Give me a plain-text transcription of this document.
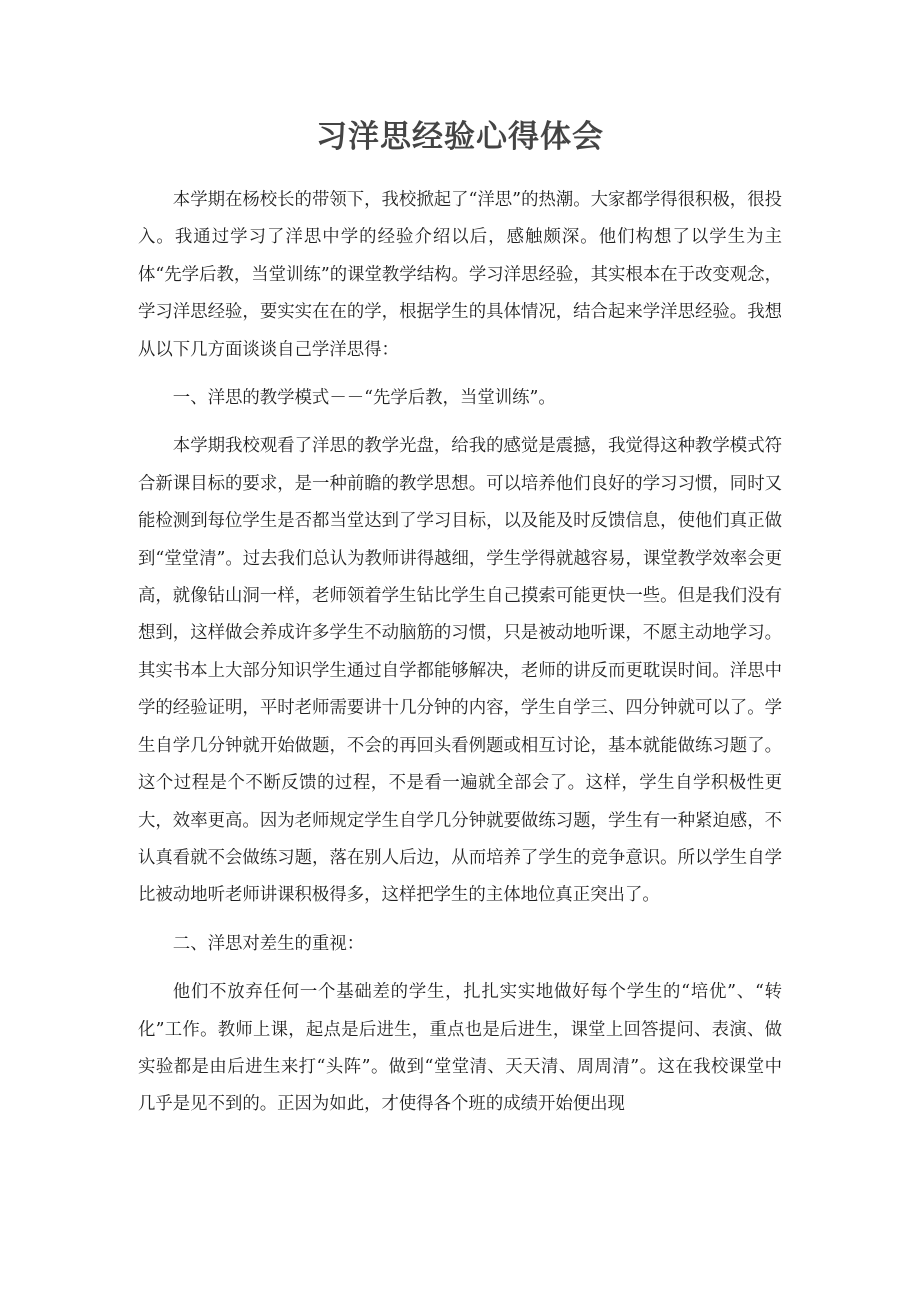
习洋思经验心得体会

本学期在杨校长的带领下，我校掀起了“洋思”的热潮。大家都学得很积极，很投入。我通过学习了洋思中学的经验介绍以后，感触颇深。他们构想了以学生为主体“先学后教，当堂训练”的课堂教学结构。学习洋思经验，其实根本在于改变观念，学习洋思经验，要实实在在的学，根据学生的具体情况，结合起来学洋思经验。我想从以下几方面谈谈自己学洋思得：

一、洋思的教学模式－－“先学后教，当堂训练”。

本学期我校观看了洋思的教学光盘，给我的感觉是震撼，我觉得这种教学模式符合新课目标的要求，是一种前瞻的教学思想。可以培养他们良好的学习习惯，同时又能检测到每位学生是否都当堂达到了学习目标，以及能及时反馈信息，使他们真正做到“堂堂清”。过去我们总认为教师讲得越细，学生学得就越容易，课堂教学效率会更高，就像钻山洞一样，老师领着学生钻比学生自己摸索可能更快一些。但是我们没有想到，这样做会养成许多学生不动脑筋的习惯，只是被动地听课，不愿主动地学习。其实书本上大部分知识学生通过自学都能够解决，老师的讲反而更耽误时间。洋思中学的经验证明，平时老师需要讲十几分钟的内容，学生自学三、四分钟就可以了。学生自学几分钟就开始做题，不会的再回头看例题或相互讨论，基本就能做练习题了。这个过程是个不断反馈的过程，不是看一遍就全部会了。这样，学生自学积极性更大，效率更高。因为老师规定学生自学几分钟就要做练习题，学生有一种紧迫感，不认真看就不会做练习题，落在别人后边，从而培养了学生的竞争意识。所以学生自学比被动地听老师讲课积极得多，这样把学生的主体地位真正突出了。

二、洋思对差生的重视：

他们不放弃任何一个基础差的学生，扎扎实实地做好每个学生的“培优”、“转化”工作。教师上课，起点是后进生，重点也是后进生，课堂上回答提问、表演、做实验都是由后进生来打“头阵”。做到“堂堂清、天天清、周周清”。这在我校课堂中几乎是见不到的。正因为如此，才使得各个班的成绩开始便出现
